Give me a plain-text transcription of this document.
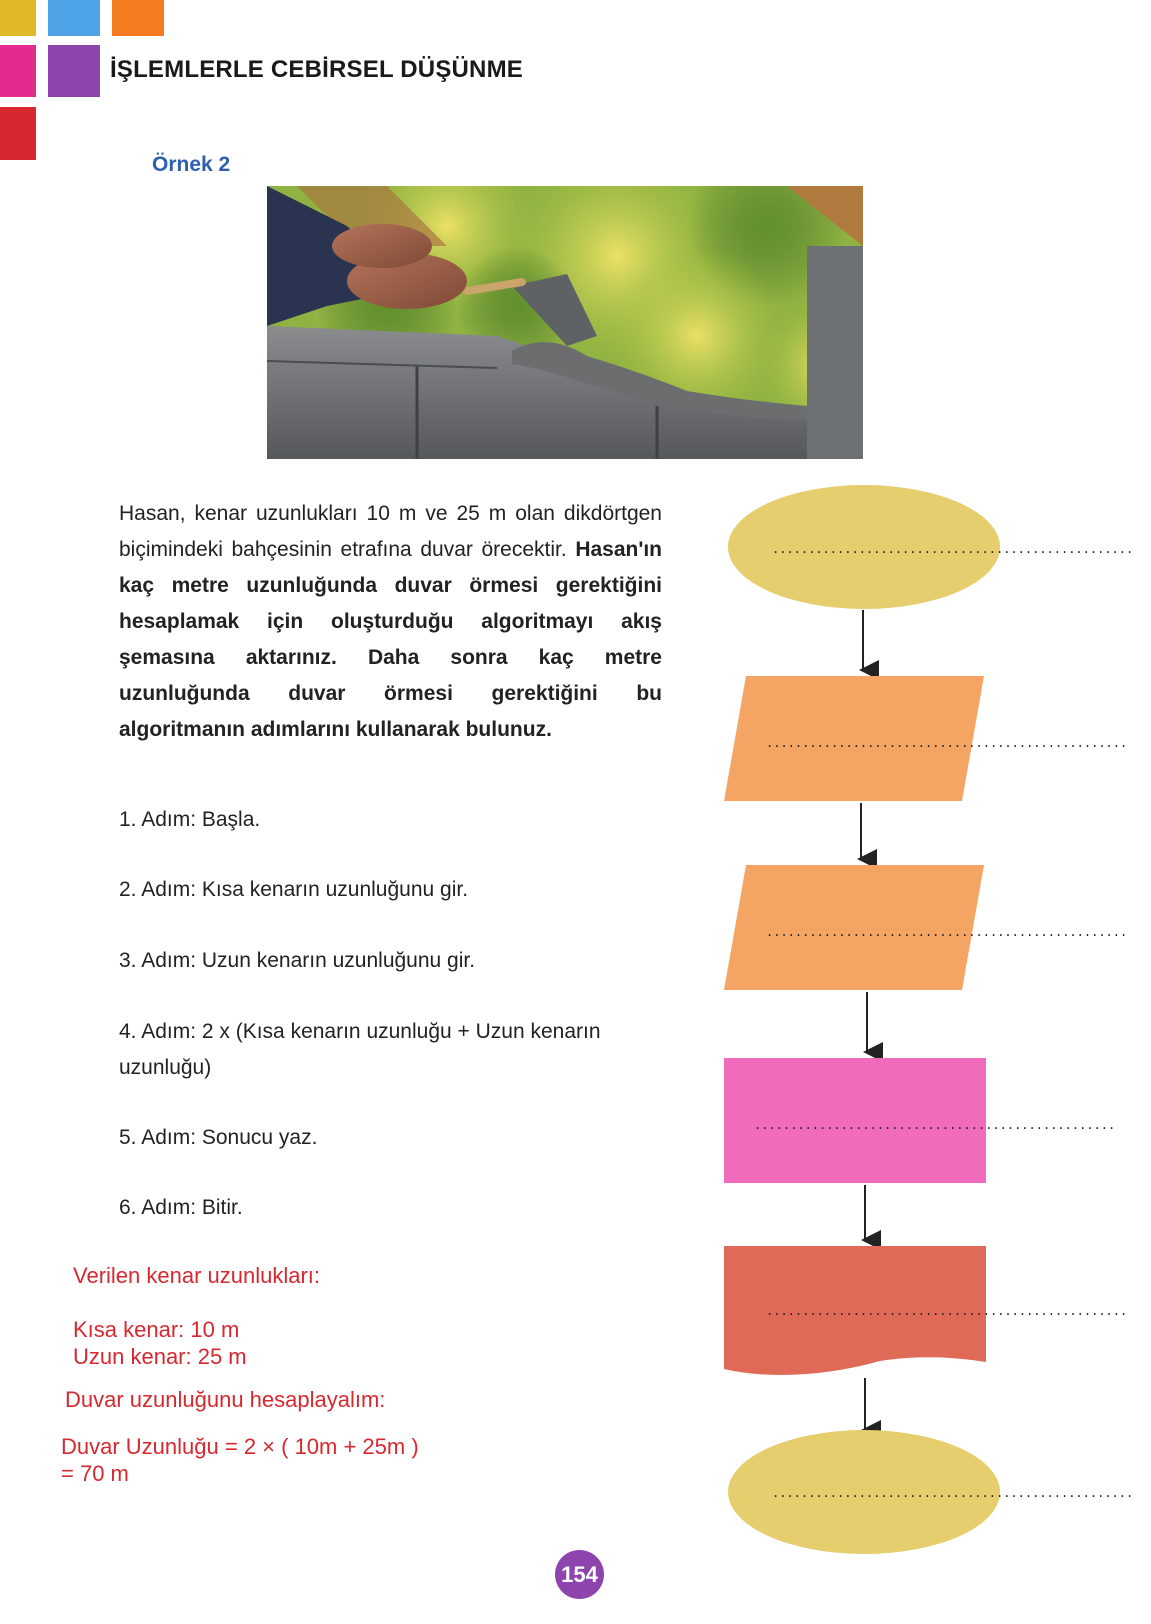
İŞLEMLERLE CEBİRSEL DÜŞÜNME
Örnek 2
Hasan, kenar uzunlukları 10 m ve 25 m olan dikdörtgen biçimindeki bahçesinin etrafına duvar örecektir. Hasan'ın kaç metre uzunluğunda duvar örmesi gerektiğini hesaplamak için oluşturduğu algoritmayı akış şemasına aktarınız. Daha sonra kaç metre uzunluğunda duvar örmesi gerektiğini bu algoritmanın adımlarını kullanarak bulunuz.
1. Adım: Başla.
2. Adım: Kısa kenarın uzunluğunu gir.
3. Adım: Uzun kenarın uzunluğunu gir.
4. Adım: 2 x (Kısa kenarın uzunluğu + Uzun kenarın uzunluğu)
5. Adım: Sonucu yaz.
6. Adım: Bitir.
Verilen kenar uzunlukları:
Kısa kenar: 10 m
Uzun kenar: 25 m
Duvar uzunluğunu hesaplayalım:
Duvar Uzunluğu = 2 × ( 10m + 25m )
= 70 m
..................................................
..................................................
..................................................
..................................................
..................................................
..................................................
154
